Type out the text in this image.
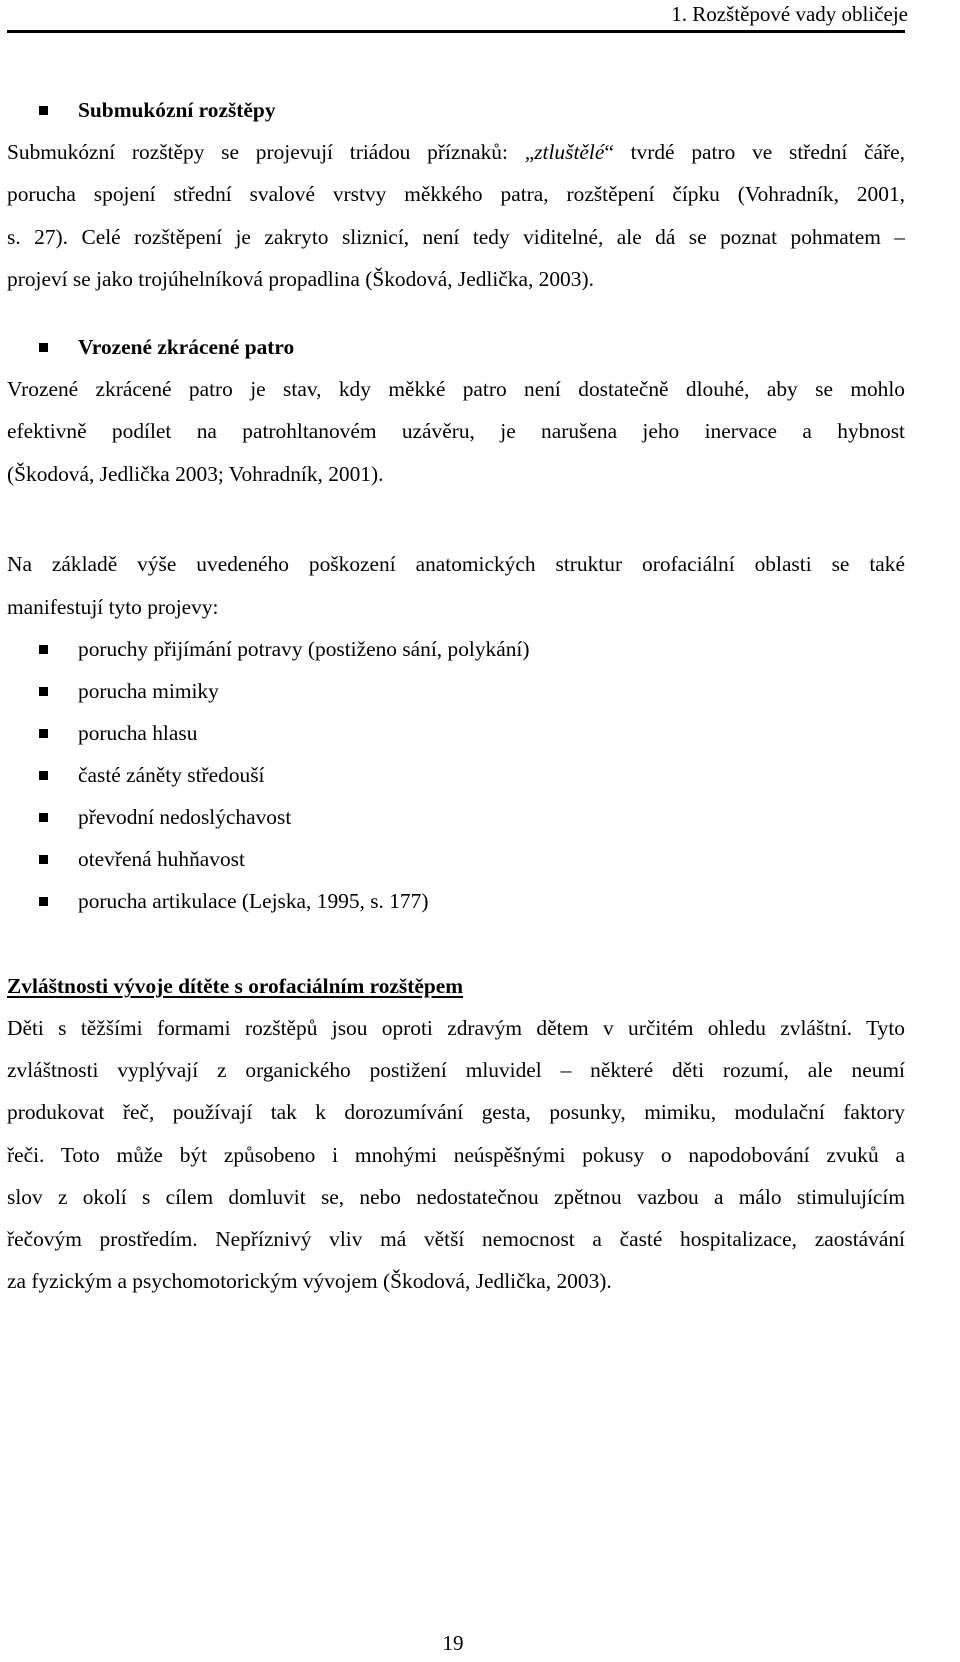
1. Rozštěpové vady obličeje
Submukózní rozštěpy
Submukózní rozštěpy se projevují triádou příznaků: „ztluštělé“ tvrdé patro ve střední čáře,
porucha spojení střední svalové vrstvy měkkého patra, rozštěpení čípku (Vohradník, 2001,
s. 27). Celé rozštěpení je zakryto sliznicí, není tedy viditelné, ale dá se poznat pohmatem –
projeví se jako trojúhelníková propadlina (Škodová, Jedlička, 2003).
Vrozené zkrácené patro
Vrozené zkrácené patro je stav, kdy měkké patro není dostatečně dlouhé, aby se mohlo
efektivně podílet na patrohltanovém uzávěru, je narušena jeho inervace a hybnost
(Škodová, Jedlička 2003; Vohradník, 2001).
Na základě výše uvedeného poškození anatomických struktur orofaciální oblasti se také
manifestují tyto projevy:
poruchy přijímání potravy (postiženo sání, polykání)
porucha mimiky
porucha hlasu
časté záněty středouší
převodní nedoslýchavost
otevřená huhňavost
porucha artikulace (Lejska, 1995, s. 177)
Zvláštnosti vývoje dítěte s orofaciálním rozštěpem
Děti s těžšími formami rozštěpů jsou oproti zdravým dětem v určitém ohledu zvláštní. Tyto
zvláštnosti vyplývají z organického postižení mluvidel – některé děti rozumí, ale neumí
produkovat řeč, používají tak k dorozumívání gesta, posunky, mimiku, modulační faktory
řeči. Toto může být způsobeno i mnohými neúspěšnými pokusy o napodobování zvuků a
slov z okolí s cílem domluvit se, nebo nedostatečnou zpětnou vazbou a málo stimulujícím
řečovým prostředím. Nepříznivý vliv má větší nemocnost a časté hospitalizace, zaostávání
za fyzickým a psychomotorickým vývojem (Škodová, Jedlička, 2003).
19
